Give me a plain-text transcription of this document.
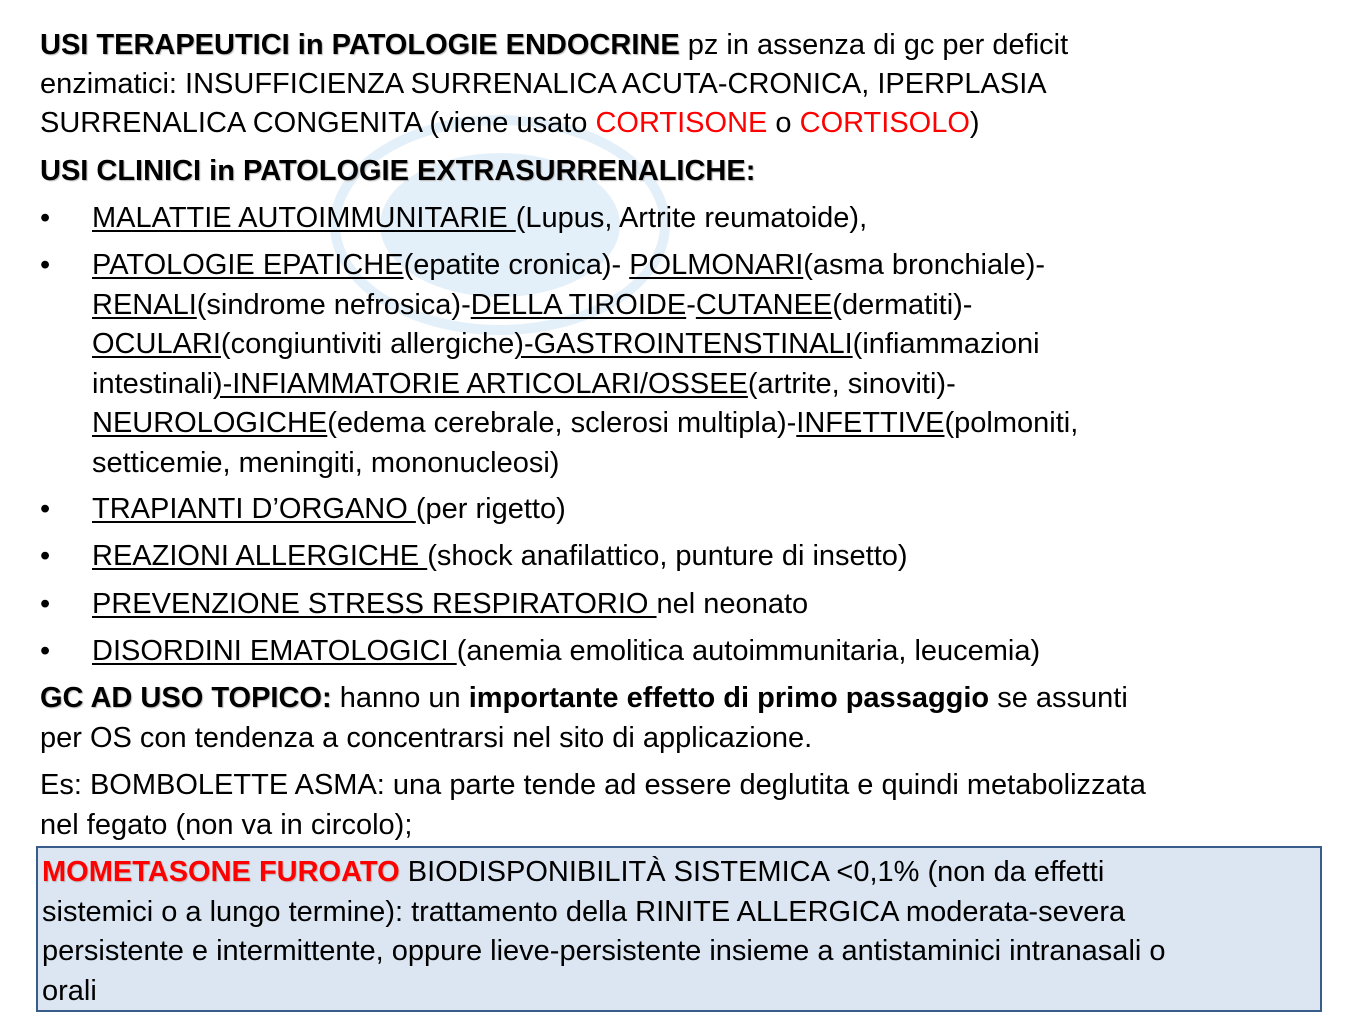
USI TERAPEUTICI in PATOLOGIE ENDOCRINE pz in assenza di gc per deficit
enzimatici: INSUFFICIENZA SURRENALICA ACUTA-CRONICA, IPERPLASIA
SURRENALICA CONGENITA (viene usato CORTISONE o CORTISOLO)
USI CLINICI in PATOLOGIE EXTRASURRENALICHE:
•	MALATTIE AUTOIMMUNITARIE (Lupus, Artrite reumatoide),
•	PATOLOGIE EPATICHE(epatite cronica)- POLMONARI(asma bronchiale)-
RENALI(sindrome nefrosica)-DELLA TIROIDE-CUTANEE(dermatiti)-
OCULARI(congiuntiviti allergiche)-GASTROINTENSTINALI(infiammazioni
intestinali)-INFIAMMATORIE ARTICOLARI/OSSEE(artrite, sinoviti)-
NEUROLOGICHE(edema cerebrale, sclerosi multipla)-INFETTIVE(polmoniti,
setticemie, meningiti, mononucleosi)
•	TRAPIANTI D’ORGANO (per rigetto)
•	REAZIONI ALLERGICHE (shock anafilattico, punture di insetto)
•	PREVENZIONE STRESS RESPIRATORIO nel neonato
•	DISORDINI EMATOLOGICI (anemia emolitica autoimmunitaria, leucemia)
GC AD USO TOPICO: hanno un importante effetto di primo passaggio se assunti
per OS con tendenza a concentrarsi nel sito di applicazione.
Es: BOMBOLETTE ASMA: una parte tende ad essere deglutita e quindi metabolizzata
nel fegato (non va in circolo);
MOMETASONE FUROATO BIODISPONIBILITÀ SISTEMICA <0,1% (non da effetti
sistemici o a lungo termine): trattamento della RINITE ALLERGICA moderata-severa
persistente e intermittente, oppure lieve-persistente insieme a antistaminici intranasali o
orali
